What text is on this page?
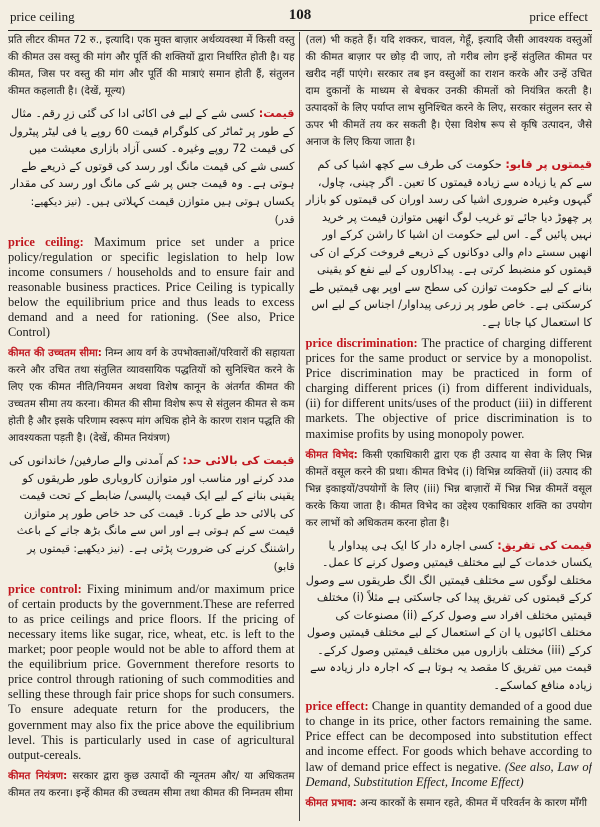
price ceiling	108	price effect

प्रति लीटर कीमत 72 रु., इत्यादि। एक मुक्त बाज़ार अर्थव्यवस्था में किसी वस्तु की कीमत उस वस्तु की मांग और पूर्ति की शक्तियों द्वारा निर्धारित होती है। यह कीमत, जिस पर वस्तु की मांग और पूर्ति की मात्राएं समान होती हैं, संतुलन कीमत कहलाती है। (देखें, मूल्य)

قیمت: کسی شے کے لیے فی اکائی ادا کی گئی زرِ رقم۔ مثال کے طور پر ٹماٹر کی کلوگرام قیمت 60 روپے یا فی لیٹر پیٹرول کی قیمت 72 روپے وغیرہ۔ کسی آزاد بازاری معیشت میں کسی شے کی قیمت مانگ اور رسد کی قوتوں کے ذریعے طے ہوتی ہے۔ وہ قیمت جس پر شے کی مانگ اور رسد کی مقدار یکساں ہوتی ہیں متوازن قیمت کہلاتی ہیں۔ (نیز دیکھیے: قدر)

price ceiling: Maximum price set under a price policy/regulation or specific legislation to help low income consumers / households and to ensure fair and reasonable business practices. Price Ceiling is typically below the equilibrium price and thus leads to excess demand and a need for rationing. (See also, Price Control)

कीमत की उच्चतम सीमा: निम्न आय वर्ग के उपभोक्ताओं/परिवारों की सहायता करने और उचित तथा संतुलित व्यावसायिक पद्धतियों को सुनिश्चित करने के लिए एक कीमत नीति/नियमन अथवा विशेष कानून के अंतर्गत कीमत की उच्चतम सीमा तय करना। कीमत की सीमा विशेष रूप से संतुलन कीमत से कम होती है और इसके परिणाम स्वरूप मांग अधिक होने के कारण राशन पद्धति की आवश्यकता पड़ती है। (देखें, कीमत नियंत्रण)

قیمت کی بالائی حد: کم آمدنی والے صارفین/ خاندانوں کی مدد کرنے اور مناسب اور متوازن کاروباری طور طریقوں کو یقینی بنانے کے لیے ایک قیمت پالیسی/ ضابطے کے تحت قیمت کی بالائی حد طے کرنا۔ قیمت کی حد خاص طور پر متوازن قیمت سے کم ہوتی ہے اور اس سے مانگ بڑھ جانے کے باعث راشننگ کرنے کی ضرورت پڑتی ہے۔ (نیز دیکھیے: قیمتوں پر قابو)

price control: Fixing minimum and/or maximum price of certain products by the government.These are referred to as price ceilings and price floors. If the pricing of necessary items like sugar, rice, wheat, etc. is left to the market; poor people would not be able to afford them at the equilibrium price. Government therefore resorts to price control through rationing of such commodities and selling these through fair price shops for such consumers. To ensure adequate return for the producers, the government may also fix the price above the equilibrium level. This is particularly used in case of agricultural output-cereals.

कीमत नियंत्रण: सरकार द्वारा कुछ उत्पादों की न्यूनतम और/ या अधिकतम कीमत तय करना। इन्हें कीमत की उच्चतम सीमा तथा कीमत की निम्नतम सीमा

(तल) भी कहते हैं। यदि शक्कर, चावल, गेहूँ, इत्यादि जैसी आवश्यक वस्तुओं की कीमत बाज़ार पर छोड़ दी जाए, तो गरीब लोग इन्हें संतुलित कीमत पर खरीद नहीं पाएंगे। सरकार तब इन वस्तुओं का राशन करके और उन्हें उचित दाम दुकानों के माध्यम से बेचकर उनकी कीमतों को नियंत्रित करती है। उत्पादकों के लिए पर्याप्त लाभ सुनिश्चित करने के लिए, सरकार संतुलन स्तर से ऊपर भी कीमतें तय कर सकती है। ऐसा विशेष रूप से कृषि उत्पादन, जैसे अनाज के लिए किया जाता है।

قیمتوں پر قابو: حکومت کی طرف سے کچھ اشیا کی کم سے کم یا زیادہ سے زیادہ قیمتوں کا تعین۔ اگر چینی، چاول، گیہوں وغیرہ ضروری اشیا کی رسد اوران کی قیمتوں کو بازار پر چھوڑ دیا جائے تو غریب لوگ انھیں متوازن قیمت پر خرید نہیں پائیں گے۔ اس لیے حکومت ان اشیا کا راشن کرکے اور انھیں سستے دام والی دوکانوں کے ذریعے فروخت کرکے ان کی قیمتوں کو منضبط کرتی ہے۔ پیداکاروں کے لیے نفع کو یقینی بنانے کے لیے حکومت توازن کی سطح سے اوپر بھی قیمتیں طے کرسکتی ہے۔ خاص طور پر زرعی پیداوار/ اجناس کے لیے اس کا استعمال کیا جاتا ہے۔

price discrimination: The practice of charging different prices for the same product or service by a monopolist. Price discrimination may be practiced in form of charging different prices (i) from different individuals, (ii) for different units/uses of the product (iii) in different markets. The objective of price discrimination is to maximise profits by using monopoly power.

कीमत विभेद: किसी एकाधिकारी द्वारा एक ही उत्पाद या सेवा के लिए भिन्न कीमतें वसूल करने की प्रथा। कीमत विभेद (i) विभिन्न व्यक्तियों (ii) उत्पाद की भिन्न इकाइयों/उपयोगों के लिए (iii) भिन्न बाज़ारों में भिन्न भिन्न कीमतें वसूल करके किया जाता है। कीमत विभेद का उद्देश्य एकाधिकार शक्ति का उपयोग कर लाभों को अधिकतम करना होता है।

قیمت کی تفریق: کسی اجارہ دار کا ایک ہی پیداوار یا یکساں خدمات کے لیے مختلف قیمتیں وصول کرنے کا عمل۔ مختلف لوگوں سے مختلف قیمتیں الگ الگ طریقوں سے وصول کرکے قیمتوں کی تفریق پیدا کی جاسکتی ہے مثلاً (i) مختلف قیمتیں مختلف افراد سے وصول کرکے (ii) مصنوعات کی مختلف اکائیوں یا ان کے استعمال کے لیے مختلف قیمتیں وصول کرکے (iii) مختلف بازاروں میں مختلف قیمتیں وصول کرکے۔ قیمت میں تفریق کا مقصد یہ ہوتا ہے کہ اجارہ دار زیادہ سے زیادہ منافع کماسکے۔

price effect: Change in quantity demanded of a good due to change in its price, other factors remaining the same. Price effect can be decomposed into substitution effect and income effect. For goods which behave according to law of demand price effect is negative. (See also, Law of Demand, Substitution Effect, Income Effect)

कीमत प्रभाव: अन्य कारकों के समान रहते, कीमत में परिवर्तन के कारण माँगी
